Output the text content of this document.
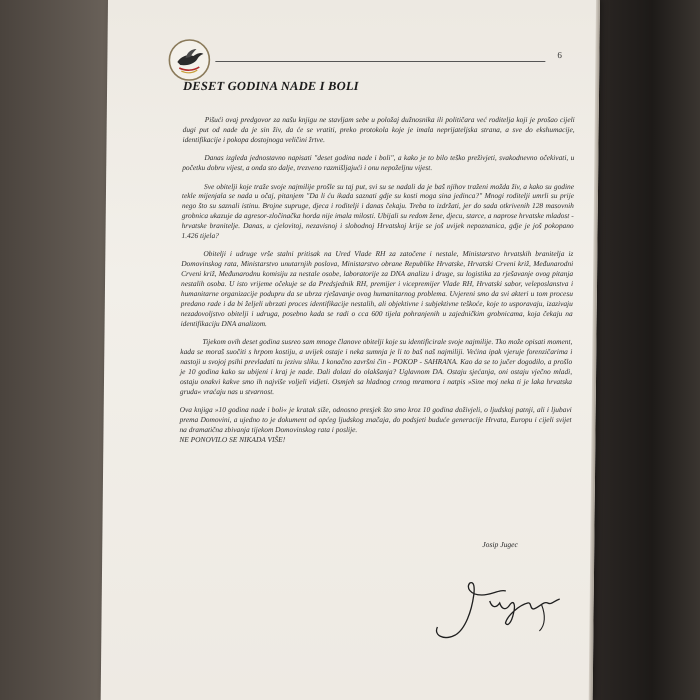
6
DESET GODINA NADE I BOLI

Pišući ovaj predgovor za našu knjigu ne stavljam sebe u položaj dužnosnika ili političara već roditelja koji je prošao cijeli dugi put od nade da je sin živ, da će se vratiti, preko protokola koje je imala neprijateljska strana, a sve do ekshumacije, identifikacije i pokopa dostojnoga veličini žrtve.

Danas izgleda jednostavno napisati "deset godina nade i boli", a kako je to bilo teško preživjeti, svakodnevno očekivati, u početku dobru vijest, a onda sto dalje, trezveno razmišljajući i onu nepoželjnu vijest.

Sve obitelji koje traže svoje najmilije prošle su taj put, svi su se nadali da je baš njihov traženi možda živ, a kako su godine tekle mijenjala se nada u očaj, pitanjem "Da li ću ikada saznati gdje su kosti moga sina jedinca?" Mnogi roditelji umrli su prije nego što su saznali istinu. Brojne supruge, djeca i roditelji i danas čekaju. Treba to izdržati, jer do sada otkrivenih 128 masovnih grobnica ukazuje da agresor-zločinačka horda nije imala milosti. Ubijali su redom žene, djecu, starce, a naprose hrvatske mladost - hrvatske branitelje. Danas, u cjelovitoj, nezavisnoj i slobodnoj Hrvatskoj krije se još uvijek nepoznanica, gdje je još pokopano 1.426 tijela?

Obitelji i udruge vrše stalni pritisak na Ured Vlade RH za zatočene i nestale, Ministarstvo hrvatskih branitelja iz Domovinskog rata, Ministarstvo unutarnjih poslova, Ministarstvo obrane Republike Hrvatske, Hrvatski Crveni križ, Međunarodni Crveni križ, Međunarodnu komisiju za nestale osobe, laboratorije za DNA analizu i druge, su logistika za rješavanje ovog pitanja nestalih osoba. U isto vrijeme očekuje se da Predsjednik RH, premijer i vicepremijer Vlade RH, Hrvatski sabor, veleposlanstva i humanitarne organizacije podupru da se ubrza rješavanje ovog humanitarnog problema. Uvjereni smo da svi akteri u tom procesu predano rade i da bi željeli ubrzati proces identifikacije nestalih, ali objektivne i subjektivne teškoće, koje to usporavaju, izazivaju nezadovoljstvo obitelji i udruga, posebno kada se radi o cca 600 tijela pohranjenih u zajedničkim grobnicama, koja čekaju na identifikaciju DNA analizom.

Tijekom ovih deset godina susreo sam mnoge članove obitelji koje su identificirale svoje najmilije. Tko može opisati moment, kada se moraš suočiti s hrpom kostiju, a uvijek ostaje i neka sumnja je li to baš naš najmiliji. Većina ipak vjeruje forenzičarima i nastoji u svojoj psihi prevladati tu jezivu sliku. I konačno završni čin - POKOP - SAHRANA. Kao da se to jučer dogodilo, a prošlo je 10 godina kako su ubijeni i kraj je nade. Dali dolazi do olakšanja? Uglavnom DA. Ostaju sjećanja, oni ostaju vječno mladi, ostaju onakvi kakve smo ih najviše voljeli vidjeti. Osmjeh sa hladnog crnog mramora i natpis »Sine moj neka ti je laka hrvatska gruda« vraćaju nas u stvarnost.

Ova knjiga »10 godina nade i boli« je kratak siže, odnosno presjek što smo kroz 10 godina doživjeli, o ljudskoj patnji, ali i ljubavi prema Domovini, a ujedno to je dokument od općeg ljudskog značaja, do podsjeti buduće generacije Hrvata, Europu i cijeli svijet na dramatična zbivanja tijekom Domovinskog rata i poslije.

NE PONOVILO SE NIKADA VIŠE!
Josip Jugec
